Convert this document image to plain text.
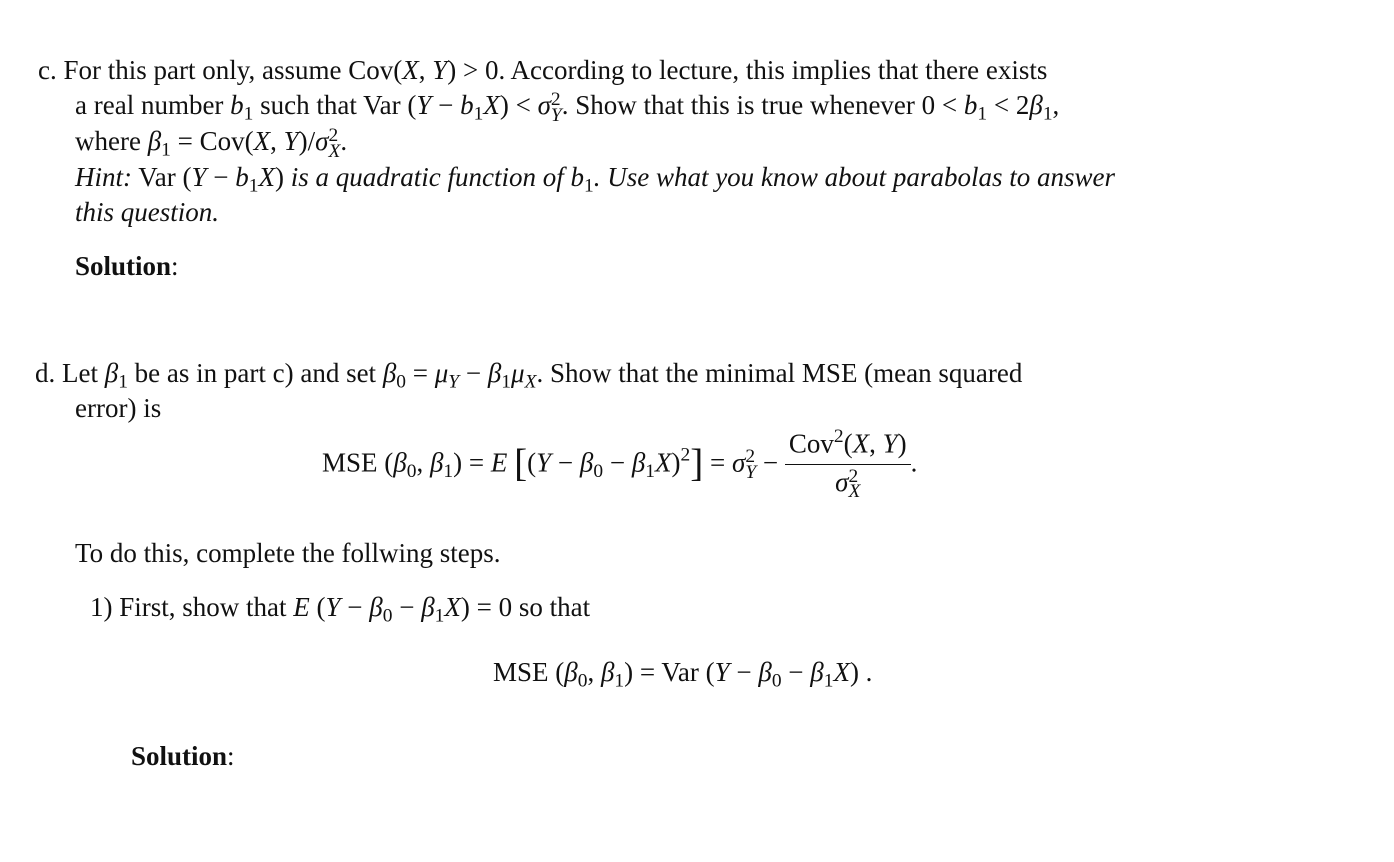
c. For this part only, assume Cov(X, Y) > 0. According to lecture, this implies that there exists
a real number $b_1$ such that Var $(Y - b_1X) < \sigma$ 2
Y . Show that this is true whenever $0 < b_1 < 2\beta_1$,
where $\beta_1 = Cov(X$, Y)/σ 2
X .
Hint: Var $(Y - b_1X)$ is a quadratic function of $b_1$. Use what you know about parabolas to answer
this question.
Solution:
d. Let $\beta_1$ be as in part c) and set $\beta_0 = \mu_Y - \beta_1\mu_X$. Show that the minimal MSE (mean squared
error) is
MSE ($\beta_0$, $\beta_1) = E$ $[(Y - \beta_0 - \beta_1X)^2] = \sigma$ 2
Y − Cov$^2$(X, Y)
σ 2
X .
To do this, complete the follwing steps.
1) First, show that E $(Y - \beta_0 - \beta_1X) = 0$ so that
MSE ($\beta_0$, $\beta_1$) = Var $(Y - \beta_0 - \beta_1X)$ .
Solution:
